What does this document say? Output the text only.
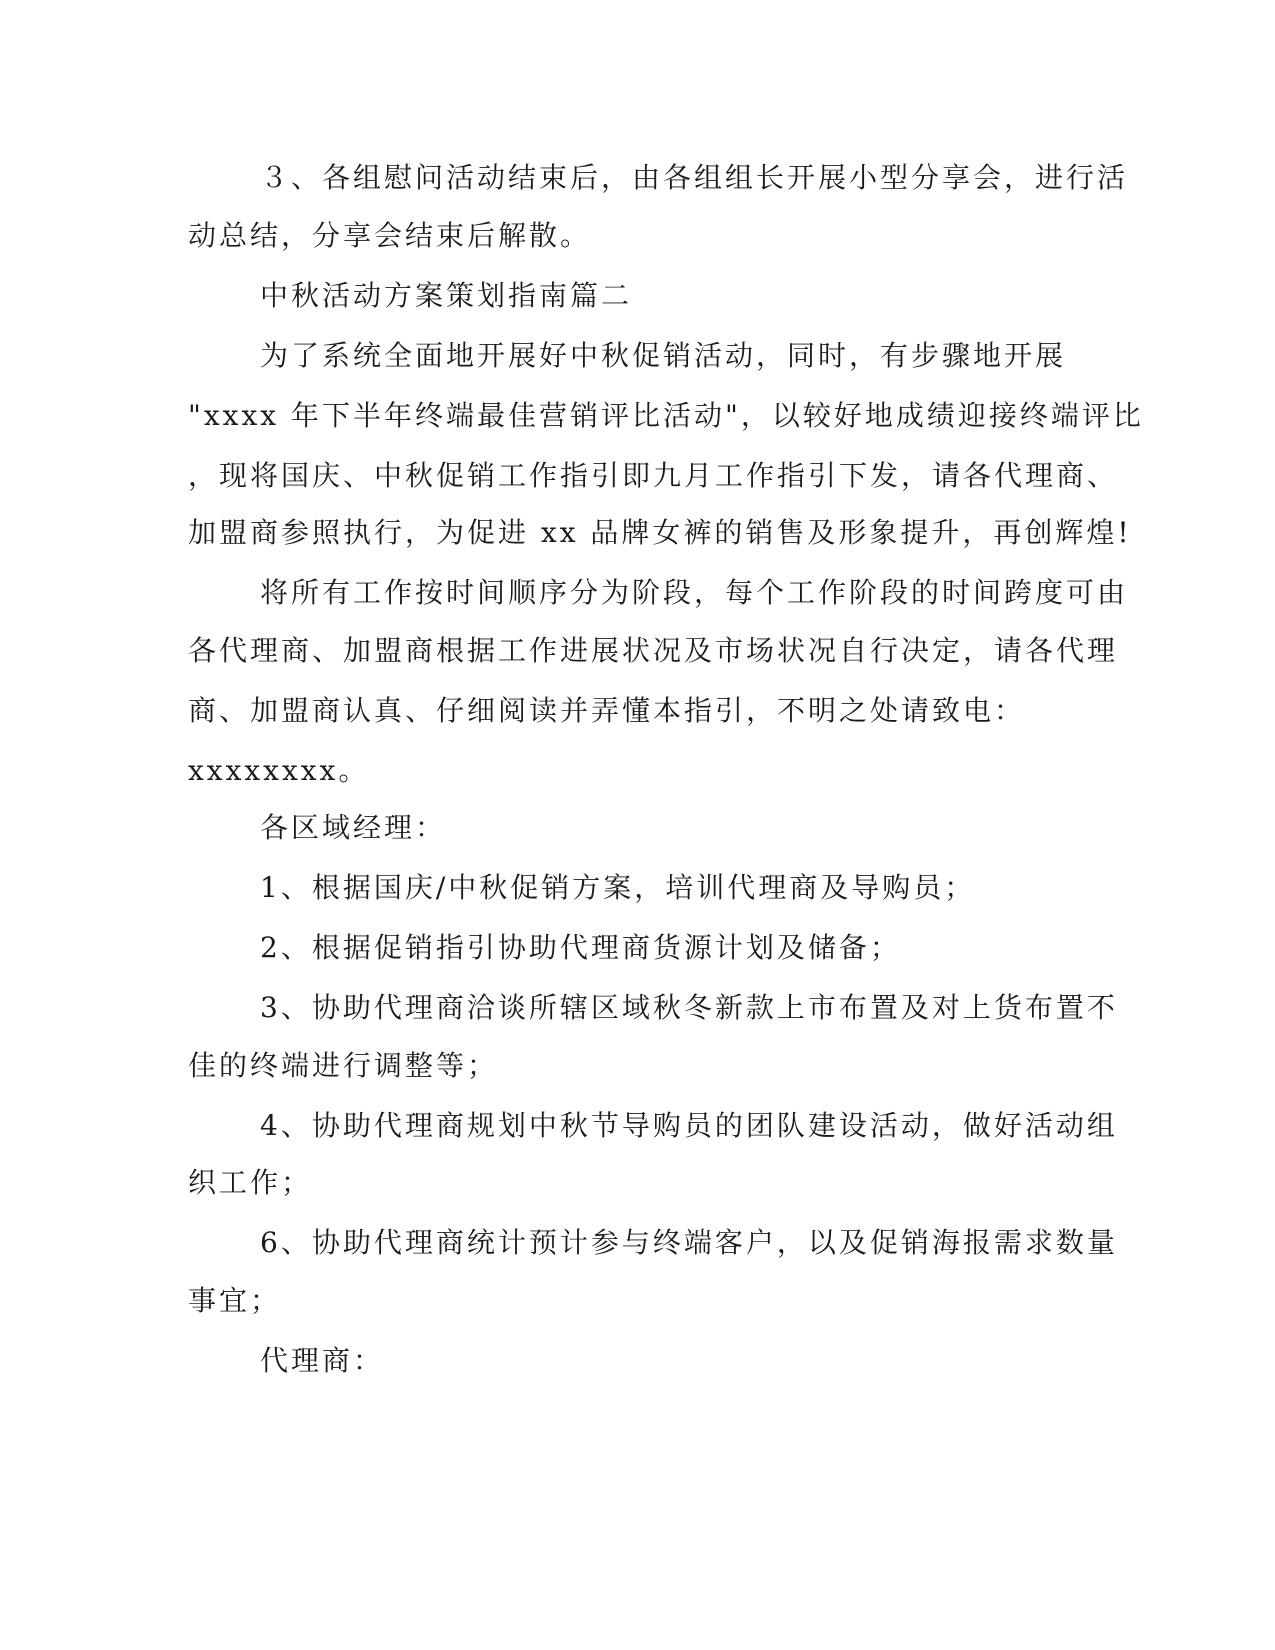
３、各组慰问活动结束后，由各组组长开展小型分享会，进行活
动总结，分享会结束后解散。
中秋活动方案策划指南篇二
为了系统全面地开展好中秋促销活动，同时，有步骤地开展
"xxxx 年下半年终端最佳营销评比活动"，以较好地成绩迎接终端评比
，现将国庆、中秋促销工作指引即九月工作指引下发，请各代理商、
加盟商参照执行，为促进 xx 品牌女裤的销售及形象提升，再创辉煌!
将所有工作按时间顺序分为阶段，每个工作阶段的时间跨度可由
各代理商、加盟商根据工作进展状况及市场状况自行决定，请各代理
商、加盟商认真、仔细阅读并弄懂本指引，不明之处请致电：
xxxxxxxx。
各区域经理：
1、根据国庆/中秋促销方案，培训代理商及导购员；
2、根据促销指引协助代理商货源计划及储备；
3、协助代理商洽谈所辖区域秋冬新款上市布置及对上货布置不
佳的终端进行调整等；
4、协助代理商规划中秋节导购员的团队建设活动，做好活动组
织工作；
6、协助代理商统计预计参与终端客户，以及促销海报需求数量
事宜；
代理商：
